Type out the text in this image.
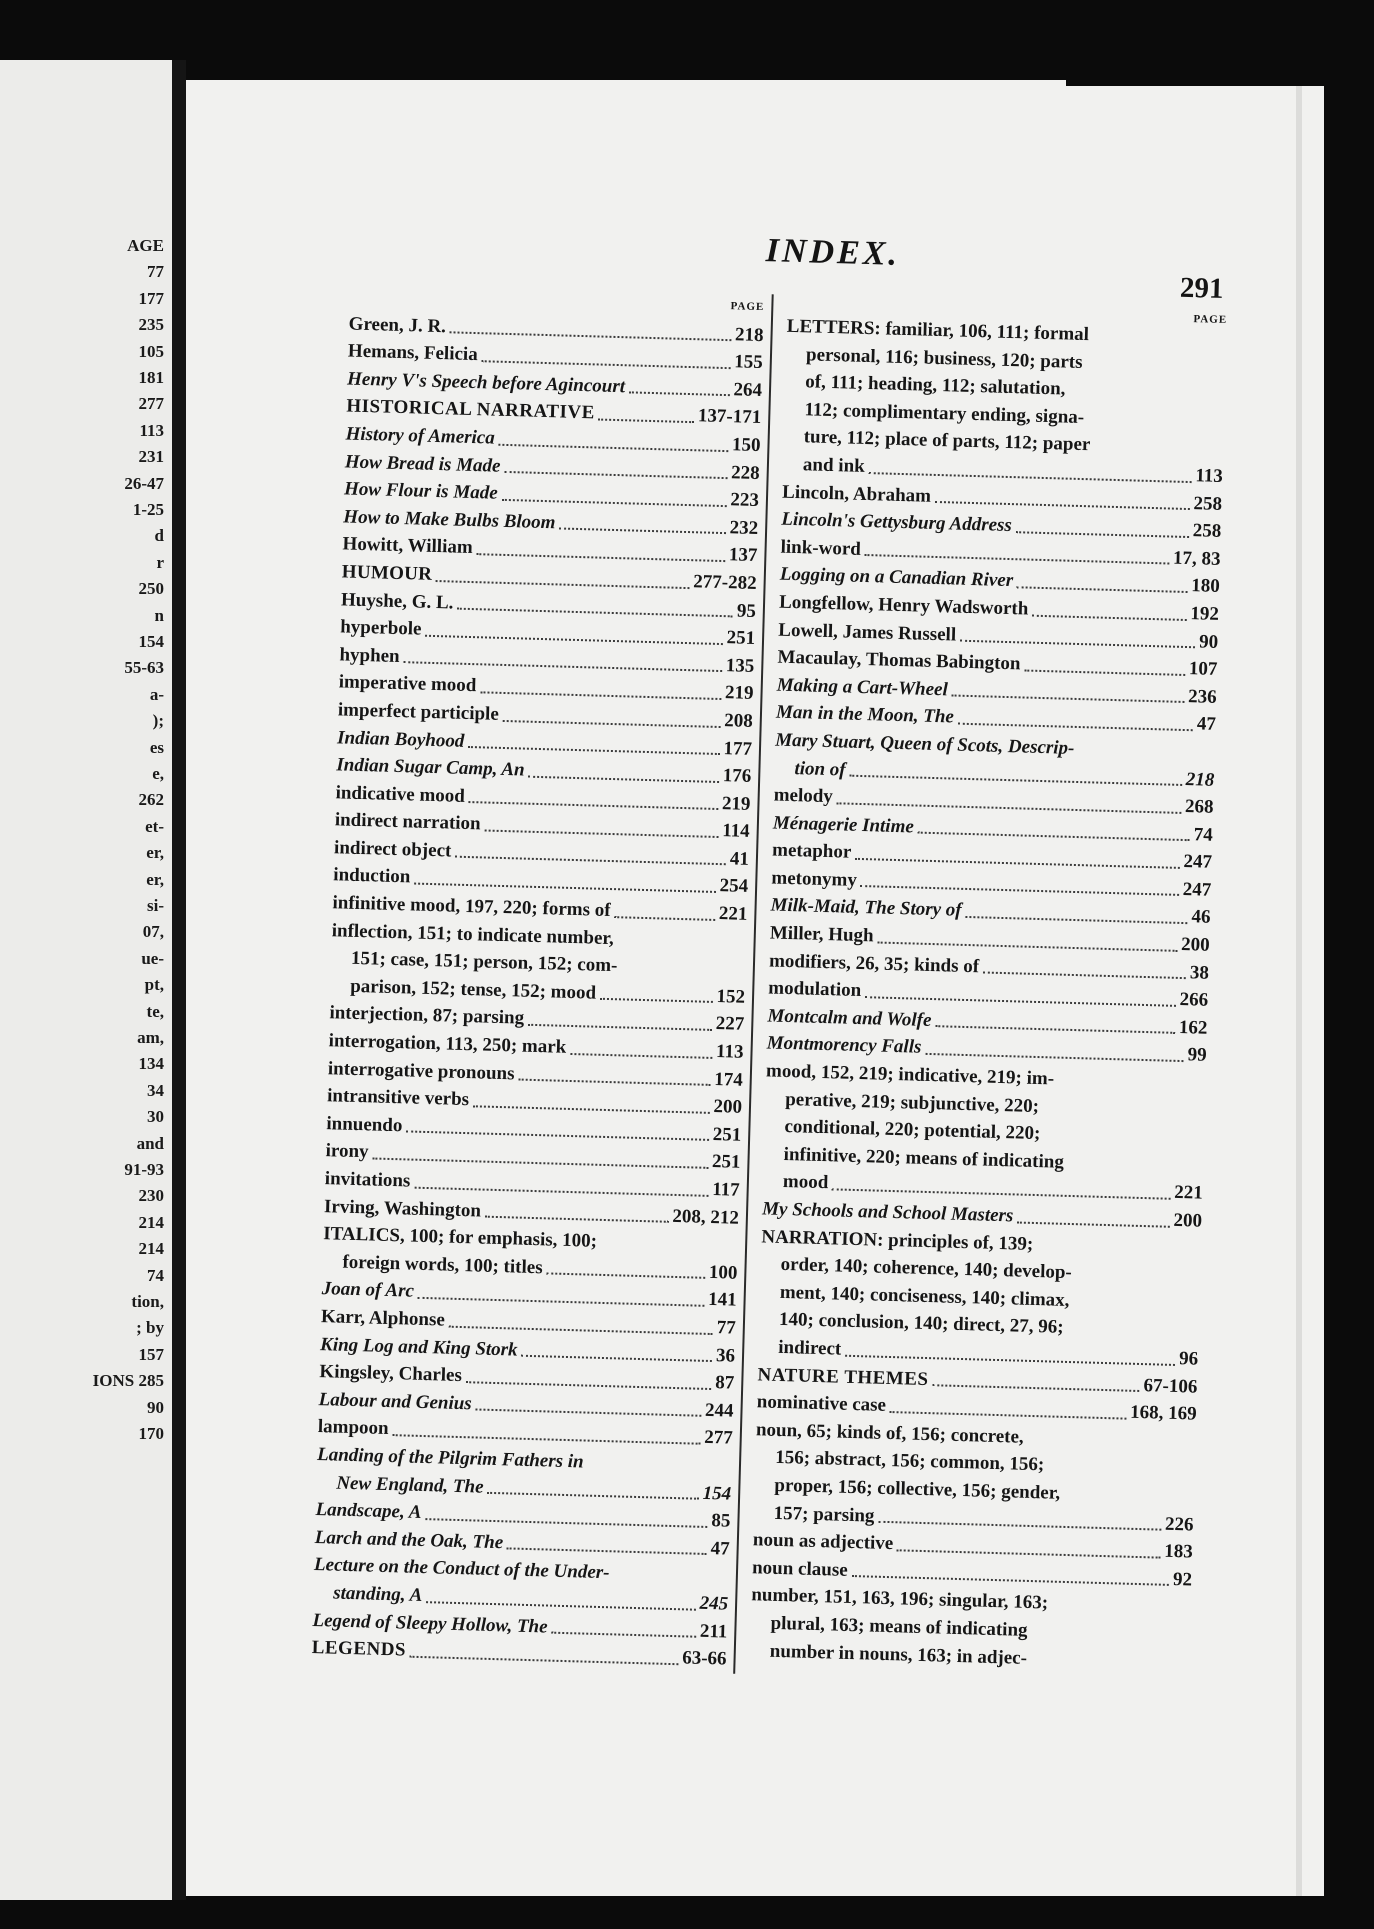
AGE
77
177
235
105
181
277
113
231
26-47
1-25
d
r
250
n
154
55-63
a-
);
es
e,
262
et-
er,
er,
si-
07,
ue-
pt,
te,
am,
134
34
30
and
91-93
230
214
214
74
tion,
; by
157
IONS 285
90
170
INDEX.
291
PAGE
Green, J. R.	218
Hemans, Felicia	155
Henry V's Speech before Agincourt	264
HISTORICAL NARRATIVE	137-171
History of America	150
How Bread is Made	228
How Flour is Made	223
How to Make Bulbs Bloom	232
Howitt, William	137
HUMOUR	277-282
Huyshe, G. L.	95
hyperbole	251
hyphen	135
imperative mood	219
imperfect participle	208
Indian Boyhood	177
Indian Sugar Camp, An	176
indicative mood	219
indirect narration	114
indirect object	41
induction	254
infinitive mood, 197, 220; forms of	221
inflection, 151; to indicate number,
151; case, 151; person, 152; com-
parison, 152; tense, 152; mood	152
interjection, 87; parsing	227
interrogation, 113, 250; mark	113
interrogative pronouns	174
intransitive verbs	200
innuendo	251
irony	251
invitations	117
Irving, Washington	208, 212
ITALICS, 100; for emphasis, 100;
foreign words, 100; titles	100
Joan of Arc	141
Karr, Alphonse	77
King Log and King Stork	36
Kingsley, Charles	87
Labour and Genius	244
lampoon	277
Landing of the Pilgrim Fathers in
New England, The	154
Landscape, A	85
Larch and the Oak, The	47
Lecture on the Conduct of the Under-
standing, A	245
Legend of Sleepy Hollow, The	211
LEGENDS	63-66
PAGE
LETTERS: familiar, 106, 111; formal
personal, 116; business, 120; parts
of, 111; heading, 112; salutation,
112; complimentary ending, signa-
ture, 112; place of parts, 112; paper
and ink	113
Lincoln, Abraham	258
Lincoln's Gettysburg Address	258
link-word	17, 83
Logging on a Canadian River	180
Longfellow, Henry Wadsworth	192
Lowell, James Russell	90
Macaulay, Thomas Babington	107
Making a Cart-Wheel	236
Man in the Moon, The	47
Mary Stuart, Queen of Scots, Descrip-
tion of	218
melody	268
Ménagerie Intime	74
metaphor	247
metonymy	247
Milk-Maid, The Story of	46
Miller, Hugh	200
modifiers, 26, 35; kinds of	38
modulation	266
Montcalm and Wolfe	162
Montmorency Falls	99
mood, 152, 219; indicative, 219; im-
perative, 219; subjunctive, 220;
conditional, 220; potential, 220;
infinitive, 220; means of indicating
mood	221
My Schools and School Masters	200
NARRATION: principles of, 139;
order, 140; coherence, 140; develop-
ment, 140; conciseness, 140; climax,
140; conclusion, 140; direct, 27, 96;
indirect	96
NATURE THEMES	67-106
nominative case	168, 169
noun, 65; kinds of, 156; concrete,
156; abstract, 156; common, 156;
proper, 156; collective, 156; gender,
157; parsing	226
noun as adjective	183
noun clause	92
number, 151, 163, 196; singular, 163;
plural, 163; means of indicating
number in nouns, 163; in adjec-
